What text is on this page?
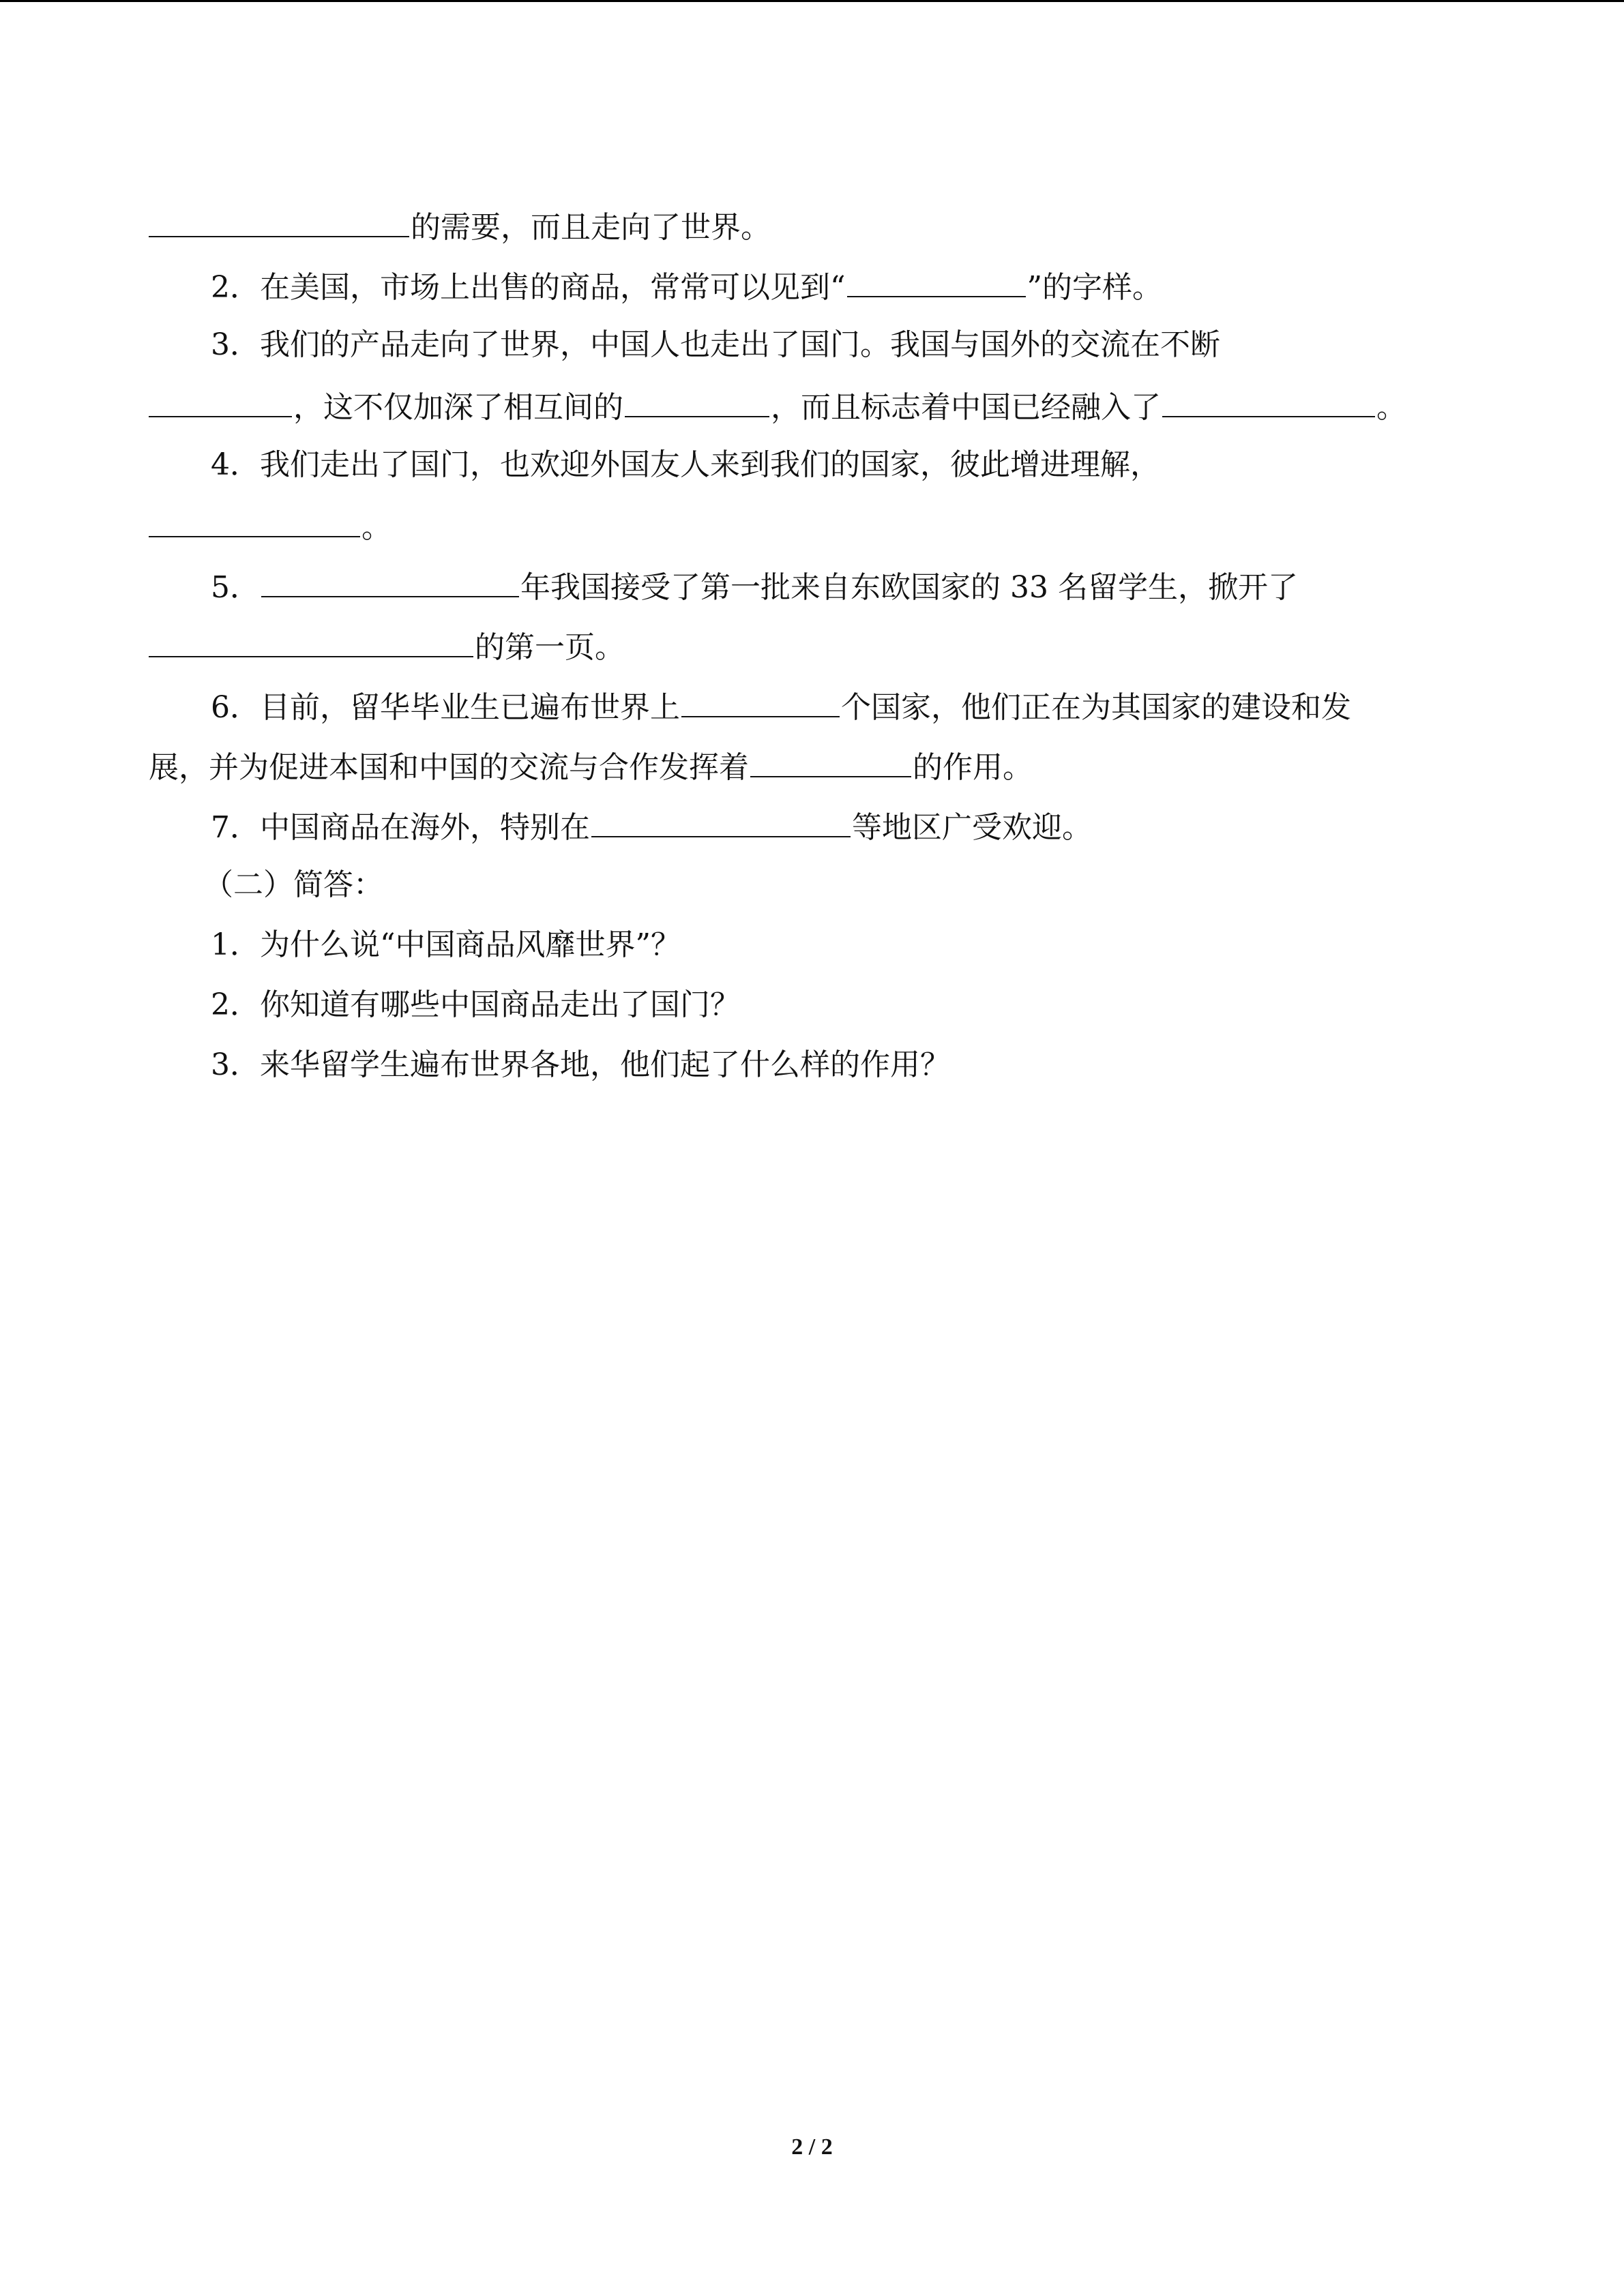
的需要，而且走向了世界。
2．在美国，市场上出售的商品，常常可以见到“	”的字样。
3．我们的产品走向了世界，中国人也走出了国门。我国与国外的交流在不断
，这不仅加深了相互间的	，而且标志着中国已经融入了	。
4．我们走出了国门，也欢迎外国友人来到我们的国家，彼此增进理解，
。
5．	年我国接受了第一批来自东欧国家的 33 名留学生，掀开了
的第一页。
6．目前，留华毕业生已遍布世界上	个国家，他们正在为其国家的建设和发
展，并为促进本国和中国的交流与合作发挥着	的作用。
7．中国商品在海外，特别在	等地区广受欢迎。
（二）简答：
1．为什么说“中国商品风靡世界”？
2．你知道有哪些中国商品走出了国门？
3．来华留学生遍布世界各地，他们起了什么样的作用？
2 / 2
